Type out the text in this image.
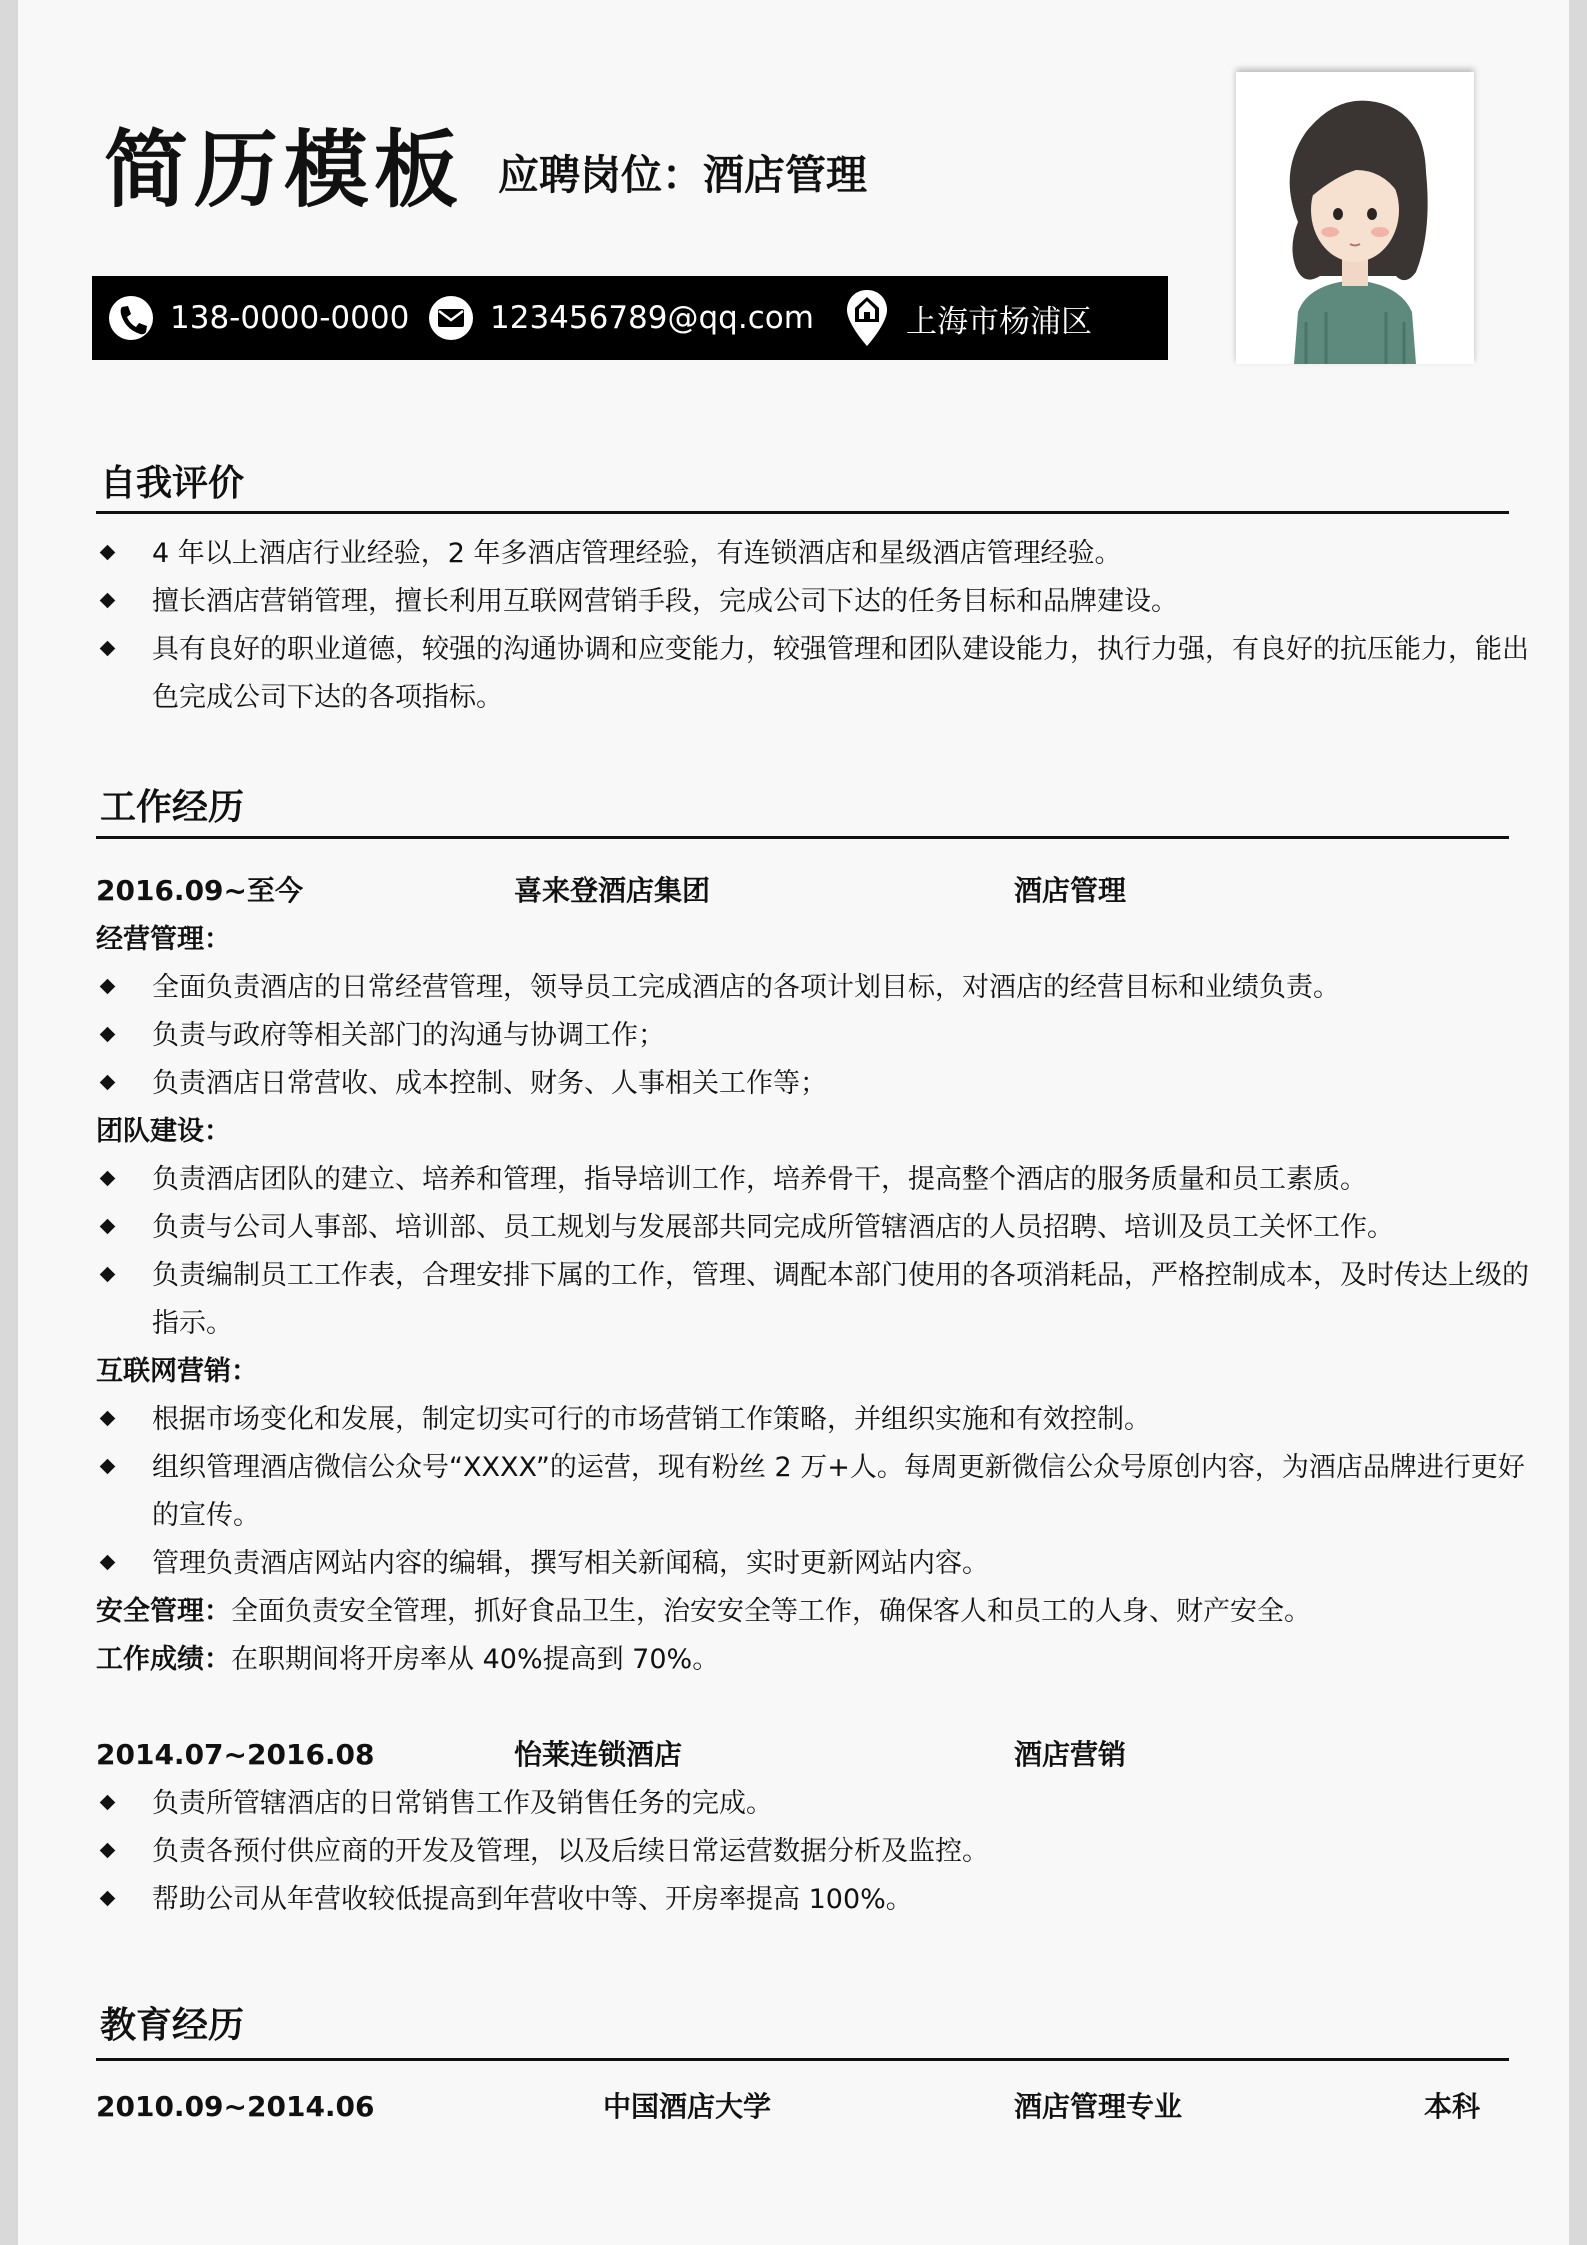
简历模板 应聘岗位：酒店管理
138-0000-0000	123456789@qq.com	上海市杨浦区
自我评价
4 年以上酒店行业经验，2 年多酒店管理经验，有连锁酒店和星级酒店管理经验。
擅长酒店营销管理，擅长利用互联网营销手段，完成公司下达的任务目标和品牌建设。
具有良好的职业道德，较强的沟通协调和应变能力，较强管理和团队建设能力，执行力强，有良好的抗压能力，能出色完成公司下达的各项指标。
工作经历
2016.09~至今	喜来登酒店集团	酒店管理
经营管理：
全面负责酒店的日常经营管理，领导员工完成酒店的各项计划目标，对酒店的经营目标和业绩负责。
负责与政府等相关部门的沟通与协调工作；
负责酒店日常营收、成本控制、财务、人事相关工作等；
团队建设：
负责酒店团队的建立、培养和管理，指导培训工作，培养骨干，提高整个酒店的服务质量和员工素质。
负责与公司人事部、培训部、员工规划与发展部共同完成所管辖酒店的人员招聘、培训及员工关怀工作。
负责编制员工工作表，合理安排下属的工作，管理、调配本部门使用的各项消耗品，严格控制成本，及时传达上级的指示。
互联网营销：
根据市场变化和发展，制定切实可行的市场营销工作策略，并组织实施和有效控制。
组织管理酒店微信公众号“XXXX”的运营，现有粉丝 2 万+人。每周更新微信公众号原创内容，为酒店品牌进行更好的宣传。
管理负责酒店网站内容的编辑，撰写相关新闻稿，实时更新网站内容。
安全管理：全面负责安全管理，抓好食品卫生，治安安全等工作，确保客人和员工的人身、财产安全。
工作成绩：在职期间将开房率从 40%提高到 70%。
2014.07~2016.08	怡莱连锁酒店	酒店营销
负责所管辖酒店的日常销售工作及销售任务的完成。
负责各预付供应商的开发及管理，以及后续日常运营数据分析及监控。
帮助公司从年营收较低提高到年营收中等、开房率提高 100%。
教育经历
2010.09~2014.06	中国酒店大学	酒店管理专业	本科
